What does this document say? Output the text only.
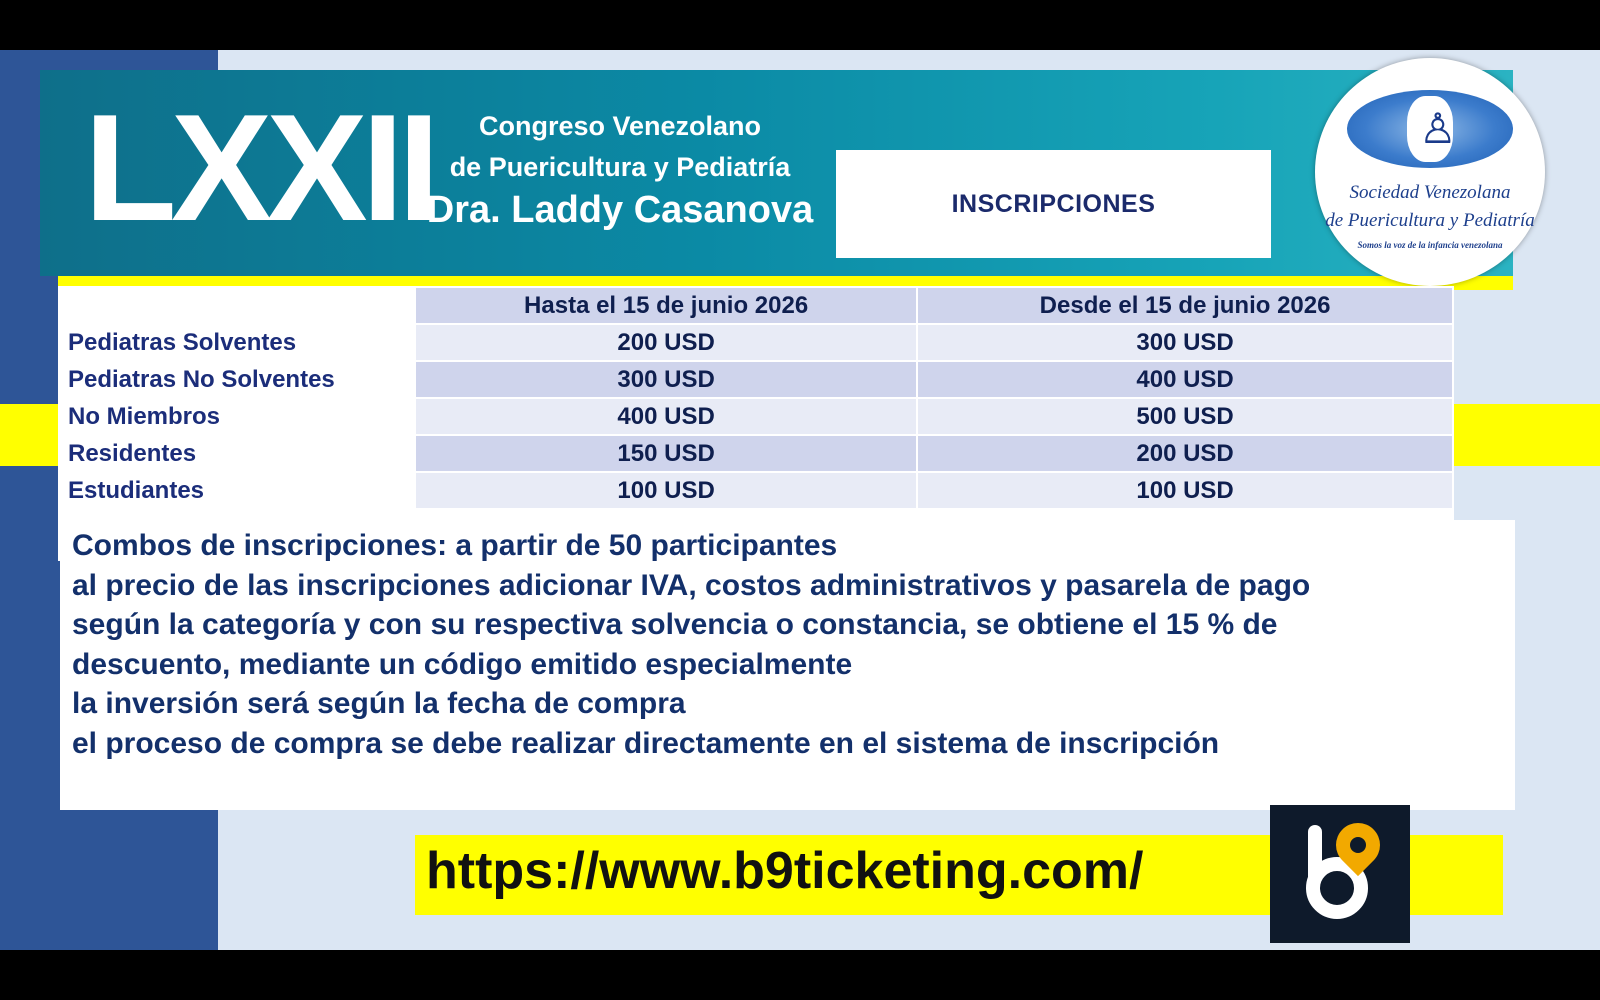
LXXII	Congreso Venezolano
de Puericultura y Pediatría
Dra. Laddy Casanova	INSCRIPCIONES
♙
Sociedad Venezolana
de Puericultura y Pediatría
Somos la voz de la infancia venezolana
	Hasta el 15 de junio 2026	Desde el 15 de junio 2026
Pediatras Solventes	200 USD	300 USD
Pediatras No Solventes	300 USD	400 USD
No Miembros	400 USD	500 USD
Residentes	150 USD	200 USD
Estudiantes	100 USD	100 USD
Combos de inscripciones: a partir de 50 participantes
al precio de las inscripciones adicionar IVA, costos administrativos y pasarela de pago
según la categoría y con su respectiva solvencia o constancia, se obtiene el 15 % de
descuento, mediante un código emitido especialmente
la inversión será según la fecha de compra
el proceso de compra se debe realizar directamente en el sistema de inscripción
https://www.b9ticketing.com/
